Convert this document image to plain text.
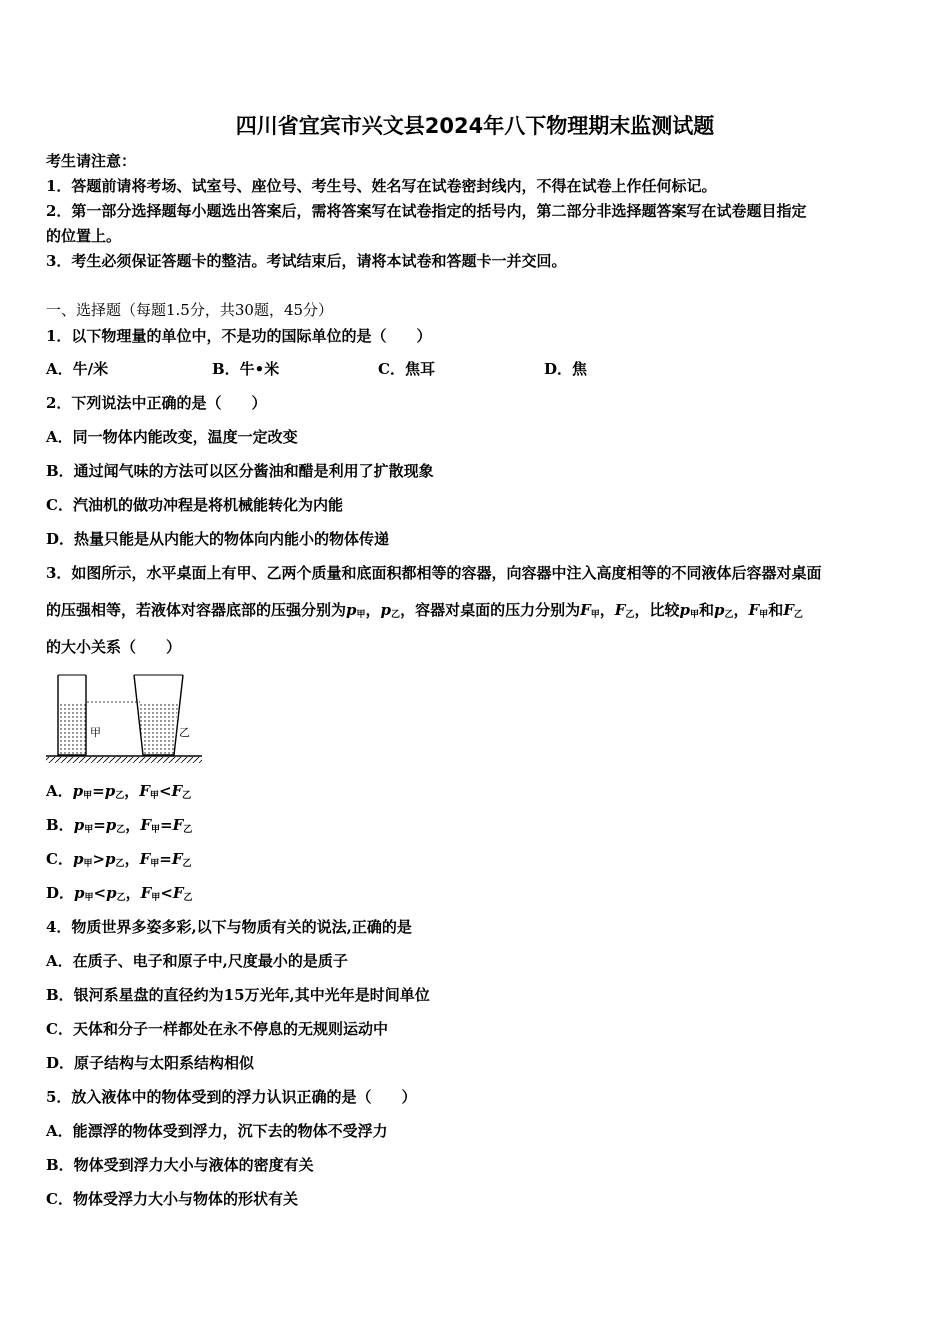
四川省宜宾市兴文县2024年八下物理期末监测试题
考生请注意：
1．答题前请将考场、试室号、座位号、考生号、姓名写在试卷密封线内，不得在试卷上作任何标记。
2．第一部分选择题每小题选出答案后，需将答案写在试卷指定的括号内，第二部分非选择题答案写在试卷题目指定
的位置上。
3．考生必须保证答题卡的整洁。考试结束后，请将本试卷和答题卡一并交回。
一、选择题（每题1.5分，共30题，45分）
1．以下物理量的单位中，不是功的国际单位的是（　　）
A．牛/米	B．牛•米	C．焦耳	D．焦
2．下列说法中正确的是（　　）
A．同一物体内能改变，温度一定改变
B．通过闻气味的方法可以区分酱油和醋是利用了扩散现象
C．汽油机的做功冲程是将机械能转化为内能
D．热量只能是从内能大的物体向内能小的物体传递
3．如图所示，水平桌面上有甲、乙两个质量和底面积都相等的容器，向容器中注入高度相等的不同液体后容器对桌面
的压强相等，若液体对容器底部的压强分别为$p_甲$，$p_乙$，容器对桌面的压力分别为$F_甲$，$F_乙$，比较$p_甲$和$p_乙$，$F_甲$和$F_乙$
的大小关系（　　）
甲	乙
A．$p_甲=p_乙$，$F_甲<F_乙$
B．$p_甲=p_乙$，$F_甲=F_乙$
C．$p_甲>p_乙$，$F_甲=F_乙$
D．$p_甲<p_乙$，$F_甲<F_乙$
4．物质世界多姿多彩,以下与物质有关的说法,正确的是
A．在质子、电子和原子中,尺度最小的是质子
B．银河系星盘的直径约为15万光年,其中光年是时间单位
C．天体和分子一样都处在永不停息的无规则运动中
D．原子结构与太阳系结构相似
5．放入液体中的物体受到的浮力认识正确的是（　　）
A．能漂浮的物体受到浮力，沉下去的物体不受浮力
B．物体受到浮力大小与液体的密度有关
C．物体受浮力大小与物体的形状有关
